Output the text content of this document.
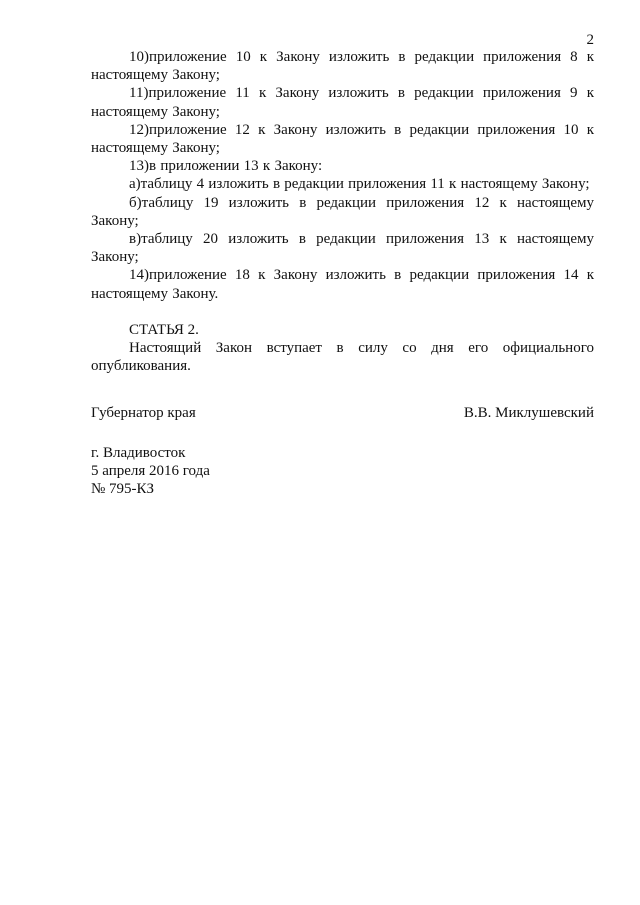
2

10)приложение 10 к Закону изложить в редакции приложения 8 к настоящему Закону;

11)приложение 11 к Закону изложить в редакции приложения 9 к настоящему Закону;

12)приложение 12 к Закону изложить в редакции приложения 10 к настоящему Закону;

13)в приложении 13 к Закону:

а)таблицу 4 изложить в редакции приложения 11 к настоящему Закону;

б)таблицу 19 изложить в редакции приложения 12 к настоящему Закону;

в)таблицу 20 изложить в редакции приложения 13 к настоящему Закону;

14)приложение 18 к Закону изложить в редакции приложения 14 к настоящему Закону.

СТАТЬЯ 2.

Настоящий Закон вступает в силу со дня его официального опубликования.

Губернатор края	В.В. Миклушевский
г. Владивосток
5 апреля 2016 года
№ 795-КЗ
